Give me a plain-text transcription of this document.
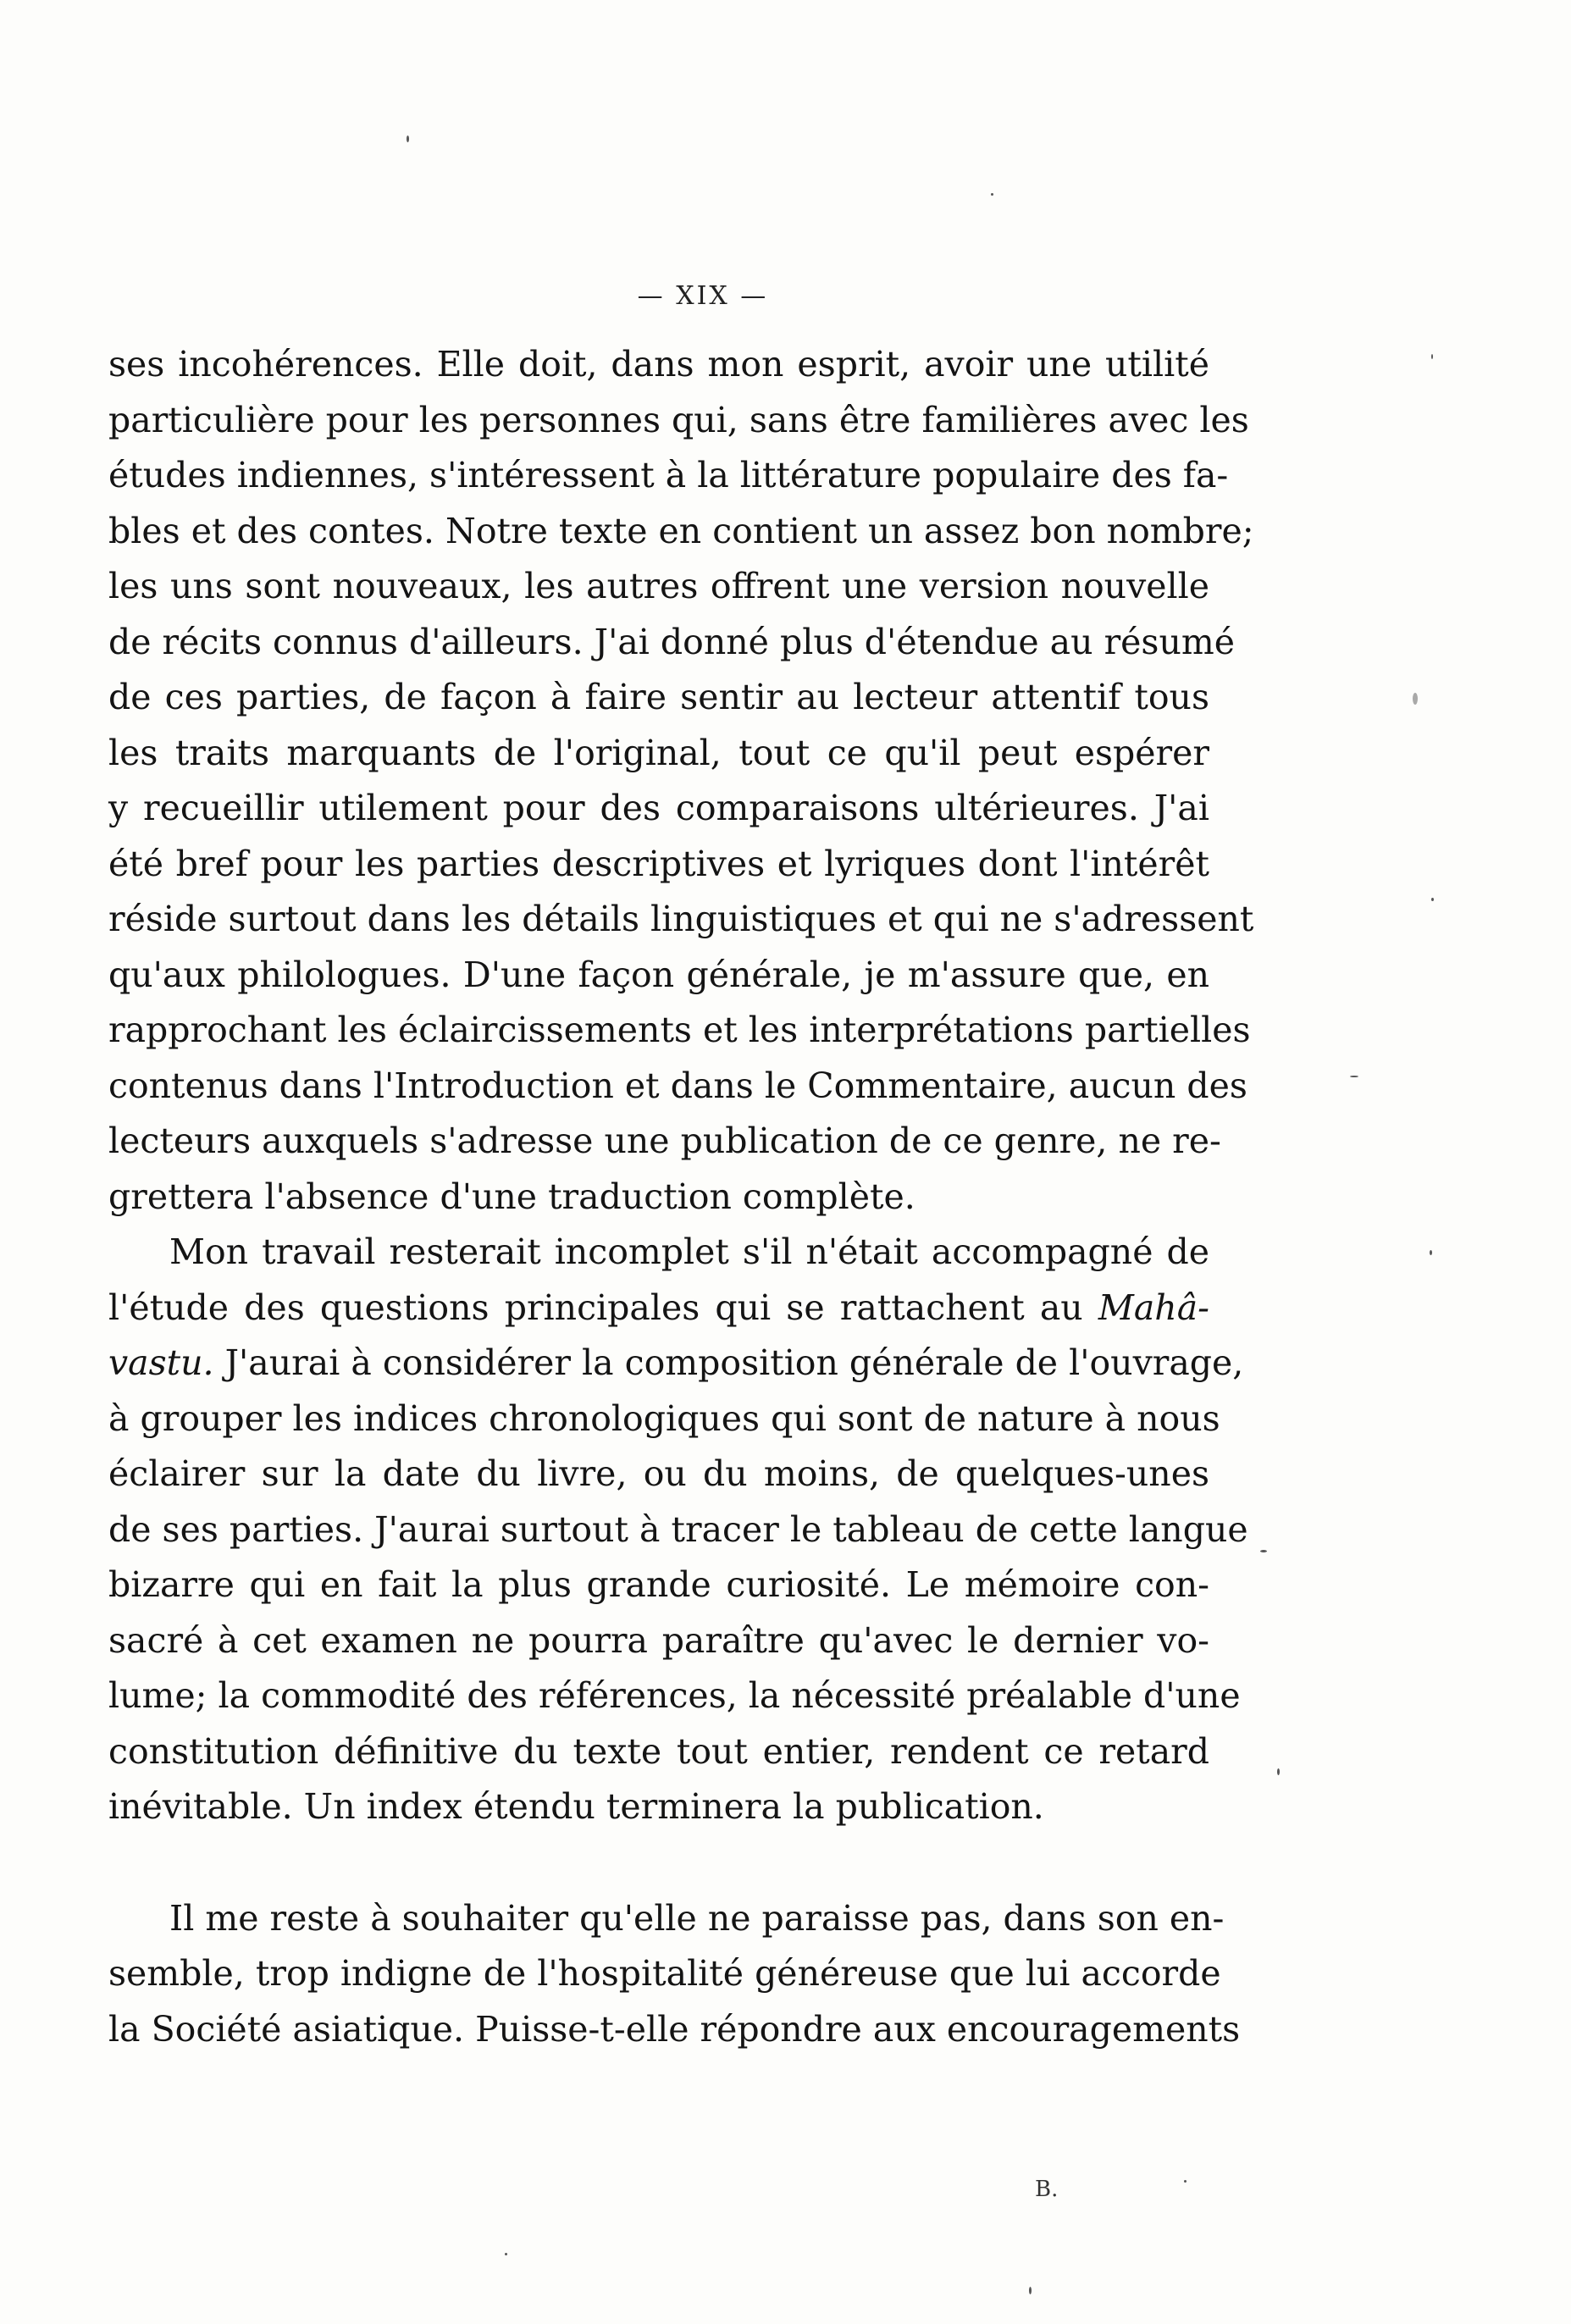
— XIX —
ses incohérences. Elle doit, dans mon esprit, avoir une utilité
particulière pour les personnes qui, sans être familières avec les
études indiennes, s'intéressent à la littérature populaire des fa-
bles et des contes. Notre texte en contient un assez bon nombre;
les uns sont nouveaux, les autres offrent une version nouvelle
de récits connus d'ailleurs. J'ai donné plus d'étendue au résumé
de ces parties, de façon à faire sentir au lecteur attentif tous
les traits marquants de l'original, tout ce qu'il peut espérer
y recueillir utilement pour des comparaisons ultérieures. J'ai
été bref pour les parties descriptives et lyriques dont l'intérêt
réside surtout dans les détails linguistiques et qui ne s'adressent
qu'aux philologues. D'une façon générale, je m'assure que, en
rapprochant les éclaircissements et les interprétations partielles
contenus dans l'Introduction et dans le Commentaire, aucun des
lecteurs auxquels s'adresse une publication de ce genre, ne re-
grettera l'absence d'une traduction complète.
Mon travail resterait incomplet s'il n'était accompagné de
l'étude des questions principales qui se rattachent au Mahâ-
vastu. J'aurai à considérer la composition générale de l'ouvrage,
à grouper les indices chronologiques qui sont de nature à nous
éclairer sur la date du livre, ou du moins, de quelques-unes
de ses parties. J'aurai surtout à tracer le tableau de cette langue
bizarre qui en fait la plus grande curiosité. Le mémoire con-
sacré à cet examen ne pourra paraître qu'avec le dernier vo-
lume; la commodité des références, la nécessité préalable d'une
constitution définitive du texte tout entier, rendent ce retard
inévitable. Un index étendu terminera la publication.
Il me reste à souhaiter qu'elle ne paraisse pas, dans son en-
semble, trop indigne de l'hospitalité généreuse que lui accorde
la Société asiatique. Puisse-t-elle répondre aux encouragements
B.
